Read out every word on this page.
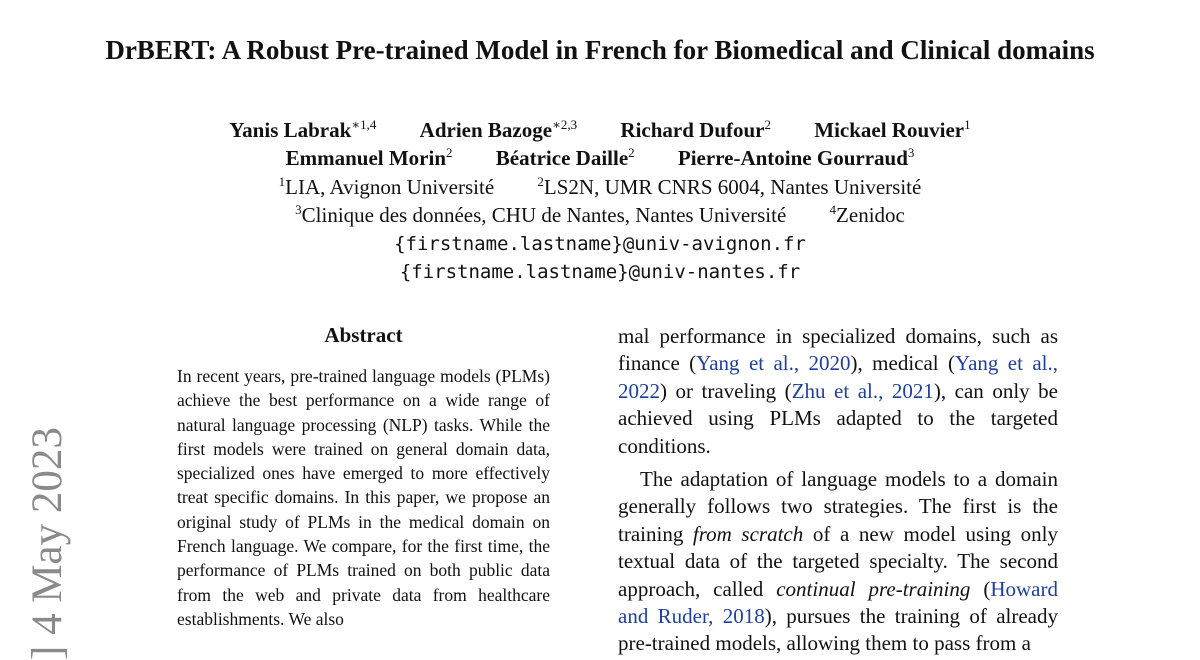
DrBERT: A Robust Pre-trained Model in French for Biomedical and Clinical domains
Yanis Labrak$^{∗1,4}$ Adrien Bazoge$^{∗2,3}$ Richard Dufour$^2$ Mickael Rouvier$^1$
Emmanuel Morin$^2$ Béatrice Daille$^2$ Pierre-Antoine Gourraud$^3$
$^1$LIA, Avignon Université	$^2$LS2N, UMR CNRS 6004, Nantes Université
$^3$Clinique des données, CHU de Nantes, Nantes Université	$^4$Zenidoc
{firstname.lastname}@univ-avignon.fr
{firstname.lastname}@univ-nantes.fr
Abstract
In recent years, pre-trained language models (PLMs) achieve the best performance on a wide range of natural language processing (NLP) tasks. While the first models were trained on general domain data, specialized ones have emerged to more effectively treat specific domains. In this paper, we propose an original study of PLMs in the medical domain on French language. We compare, for the first time, the performance of PLMs trained on both public data from the web and private data from healthcare establishments. We also

mal performance in specialized domains, such as finance (Yang et al., 2020), medical (Yang et al., 2022) or traveling (Zhu et al., 2021), can only be achieved using PLMs adapted to the targeted conditions.

The adaptation of language models to a domain generally follows two strategies. The first is the training from scratch of a new model using only textual data of the targeted specialty. The second approach, called continual pre-training (Howard and Ruder, 2018), pursues the training of already pre-trained models, allowing them to pass from a

] 4 May 2023
